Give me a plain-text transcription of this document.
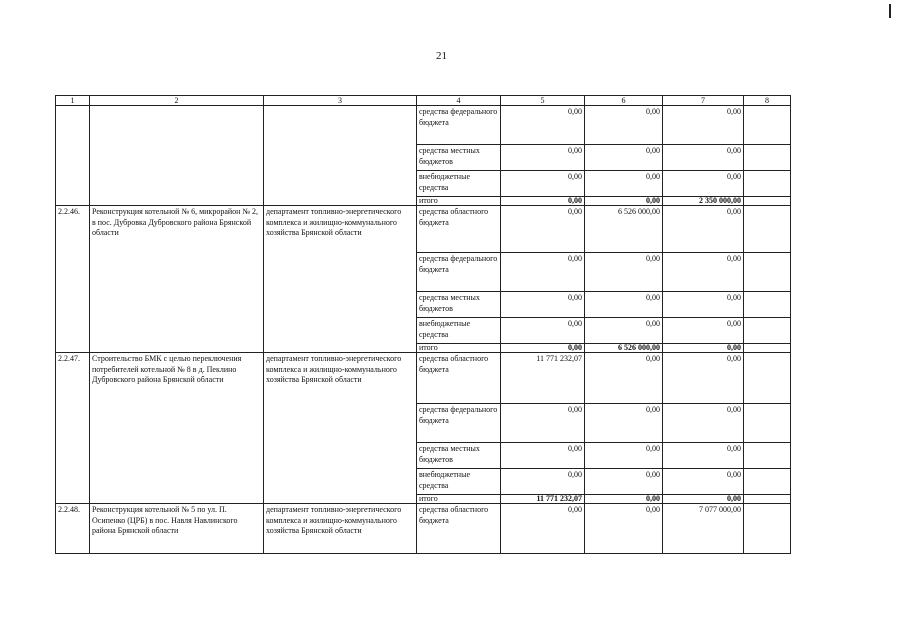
21
1	2	3	4	5	6	7	8
			средства федерального бюджета	0,00	0,00	0,00	
			средства местных бюджетов	0,00	0,00	0,00	
			внебюджетные средства	0,00	0,00	0,00	
			итого	0,00	0,00	2 350 000,00	
2.2.46.	Реконструкция котельной № 6, микрорайон № 2, в пос. Дубровка Дубровского района Брянской области	департамент топливно-энергетического комплекса и жилищно-коммунального хозяйства Брянской области	средства областного бюджета	0,00	6 526 000,00	0,00	
			средства федерального бюджета	0,00	0,00	0,00	
			средства местных бюджетов	0,00	0,00	0,00	
			внебюджетные средства	0,00	0,00	0,00	
			итого	0,00	6 526 000,00	0,00	
2.2.47.	Строительство БМК с целью переключения потребителей котельной № 8 в д. Пеклино Дубровского района Брянской области	департамент топливно-энергетического комплекса и жилищно-коммунального хозяйства Брянской области	средства областного бюджета	11 771 232,07	0,00	0,00	
			средства федерального бюджета	0,00	0,00	0,00	
			средства местных бюджетов	0,00	0,00	0,00	
			внебюджетные средства	0,00	0,00	0,00	
			итого	11 771 232,07	0,00	0,00	
2.2.48.	Реконструкция котельной № 5 по ул. П. Осипенко (ЦРБ) в пос. Навля Навлинского района Брянской области	департамент топливно-энергетического комплекса и жилищно-коммунального хозяйства Брянской области	средства областного бюджета	0,00	0,00	7 077 000,00	
